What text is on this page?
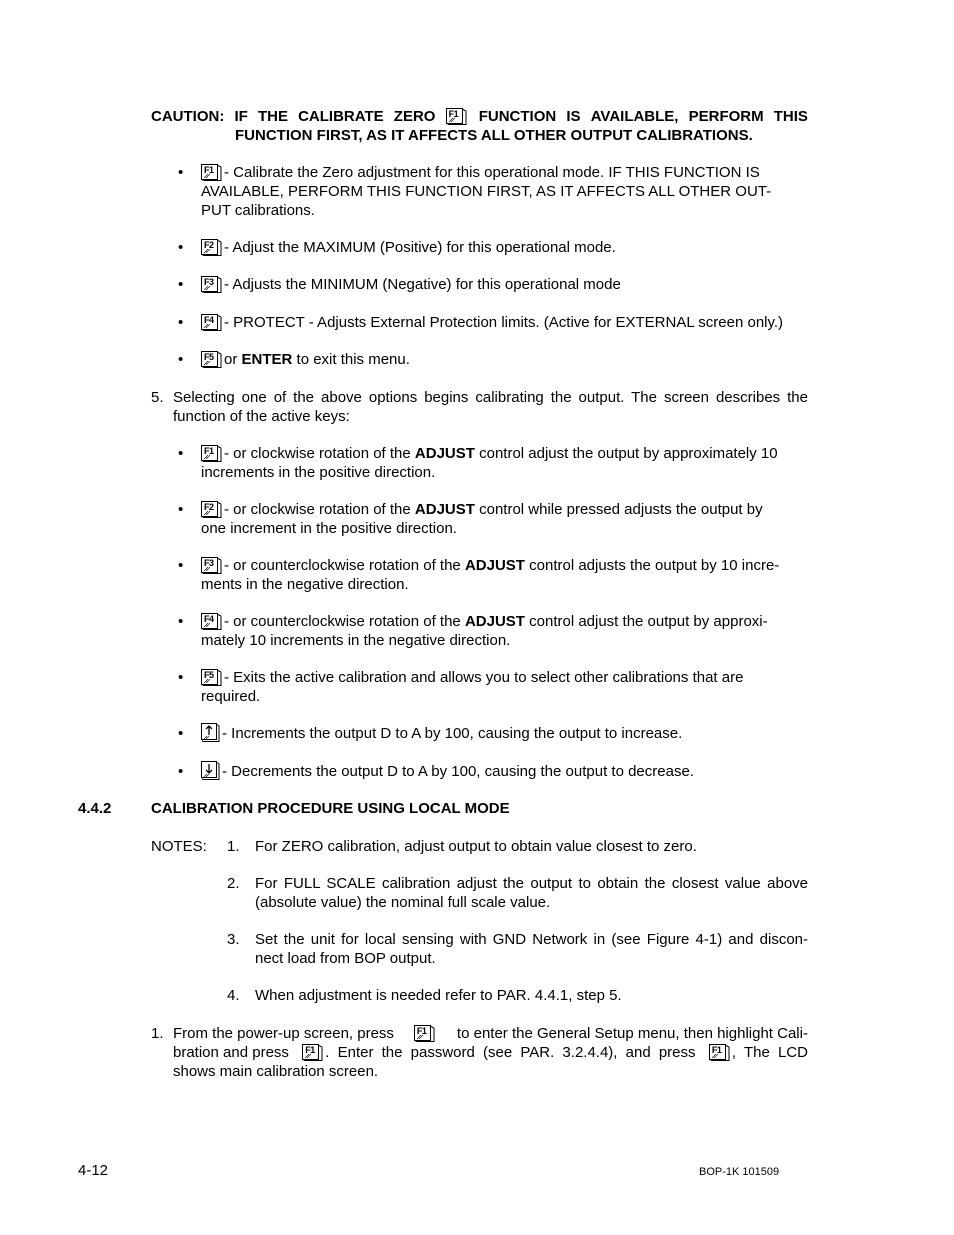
CAUTION: IF THE CALIBRATE ZERO F1 FUNCTION IS AVAILABLE, PERFORM THIS
FUNCTION FIRST, AS IT AFFECTS ALL OTHER OUTPUT CALIBRATIONS.
•	F1 - Calibrate the Zero adjustment for this operational mode. IF THIS FUNCTION IS
AVAILABLE, PERFORM THIS FUNCTION FIRST, AS IT AFFECTS ALL OTHER OUT-
PUT calibrations.
•	F2 - Adjust the MAXIMUM (Positive) for this operational mode.
•	F3 - Adjusts the MINIMUM (Negative) for this operational mode
•	F4 - PROTECT - Adjusts External Protection limits. (Active for EXTERNAL screen only.)
•	F5 or ENTER to exit this menu.
5. Selecting one of the above options begins calibrating the output. The screen describes the
function of the active keys:
•	F1 - or clockwise rotation of the ADJUST control adjust the output by approximately 10
increments in the positive direction.
•	F2 - or clockwise rotation of the ADJUST control while pressed adjusts the output by
one increment in the positive direction.
•	F3 - or counterclockwise rotation of the ADJUST control adjusts the output by 10 incre-
ments in the negative direction.
•	F4 - or counterclockwise rotation of the ADJUST control adjust the output by approxi-
mately 10 increments in the negative direction.
•	F5 - Exits the active calibration and allows you to select other calibrations that are
required.
•	- Increments the output D to A by 100, causing the output to increase.
•	- Decrements the output D to A by 100, causing the output to decrease.
4.4.2	CALIBRATION PROCEDURE USING LOCAL MODE
NOTES: 1. For ZERO calibration, adjust output to obtain value closest to zero.
2. For FULL SCALE calibration adjust the output to obtain the closest value above
(absolute value) the nominal full scale value.
3. Set the unit for local sensing with GND Network in (see Figure 4-1) and discon-
nect load from BOP output.
4. When adjustment is needed refer to PAR. 4.4.1, step 5.
1. From the power-up screen, press	F1 to enter the General Setup menu, then highlight Cali-
bration and press F1 . Enter the password (see PAR. 3.2.4.4), and press F1 , The LCD
shows main calibration screen.
4-12	BOP-1K 101509
